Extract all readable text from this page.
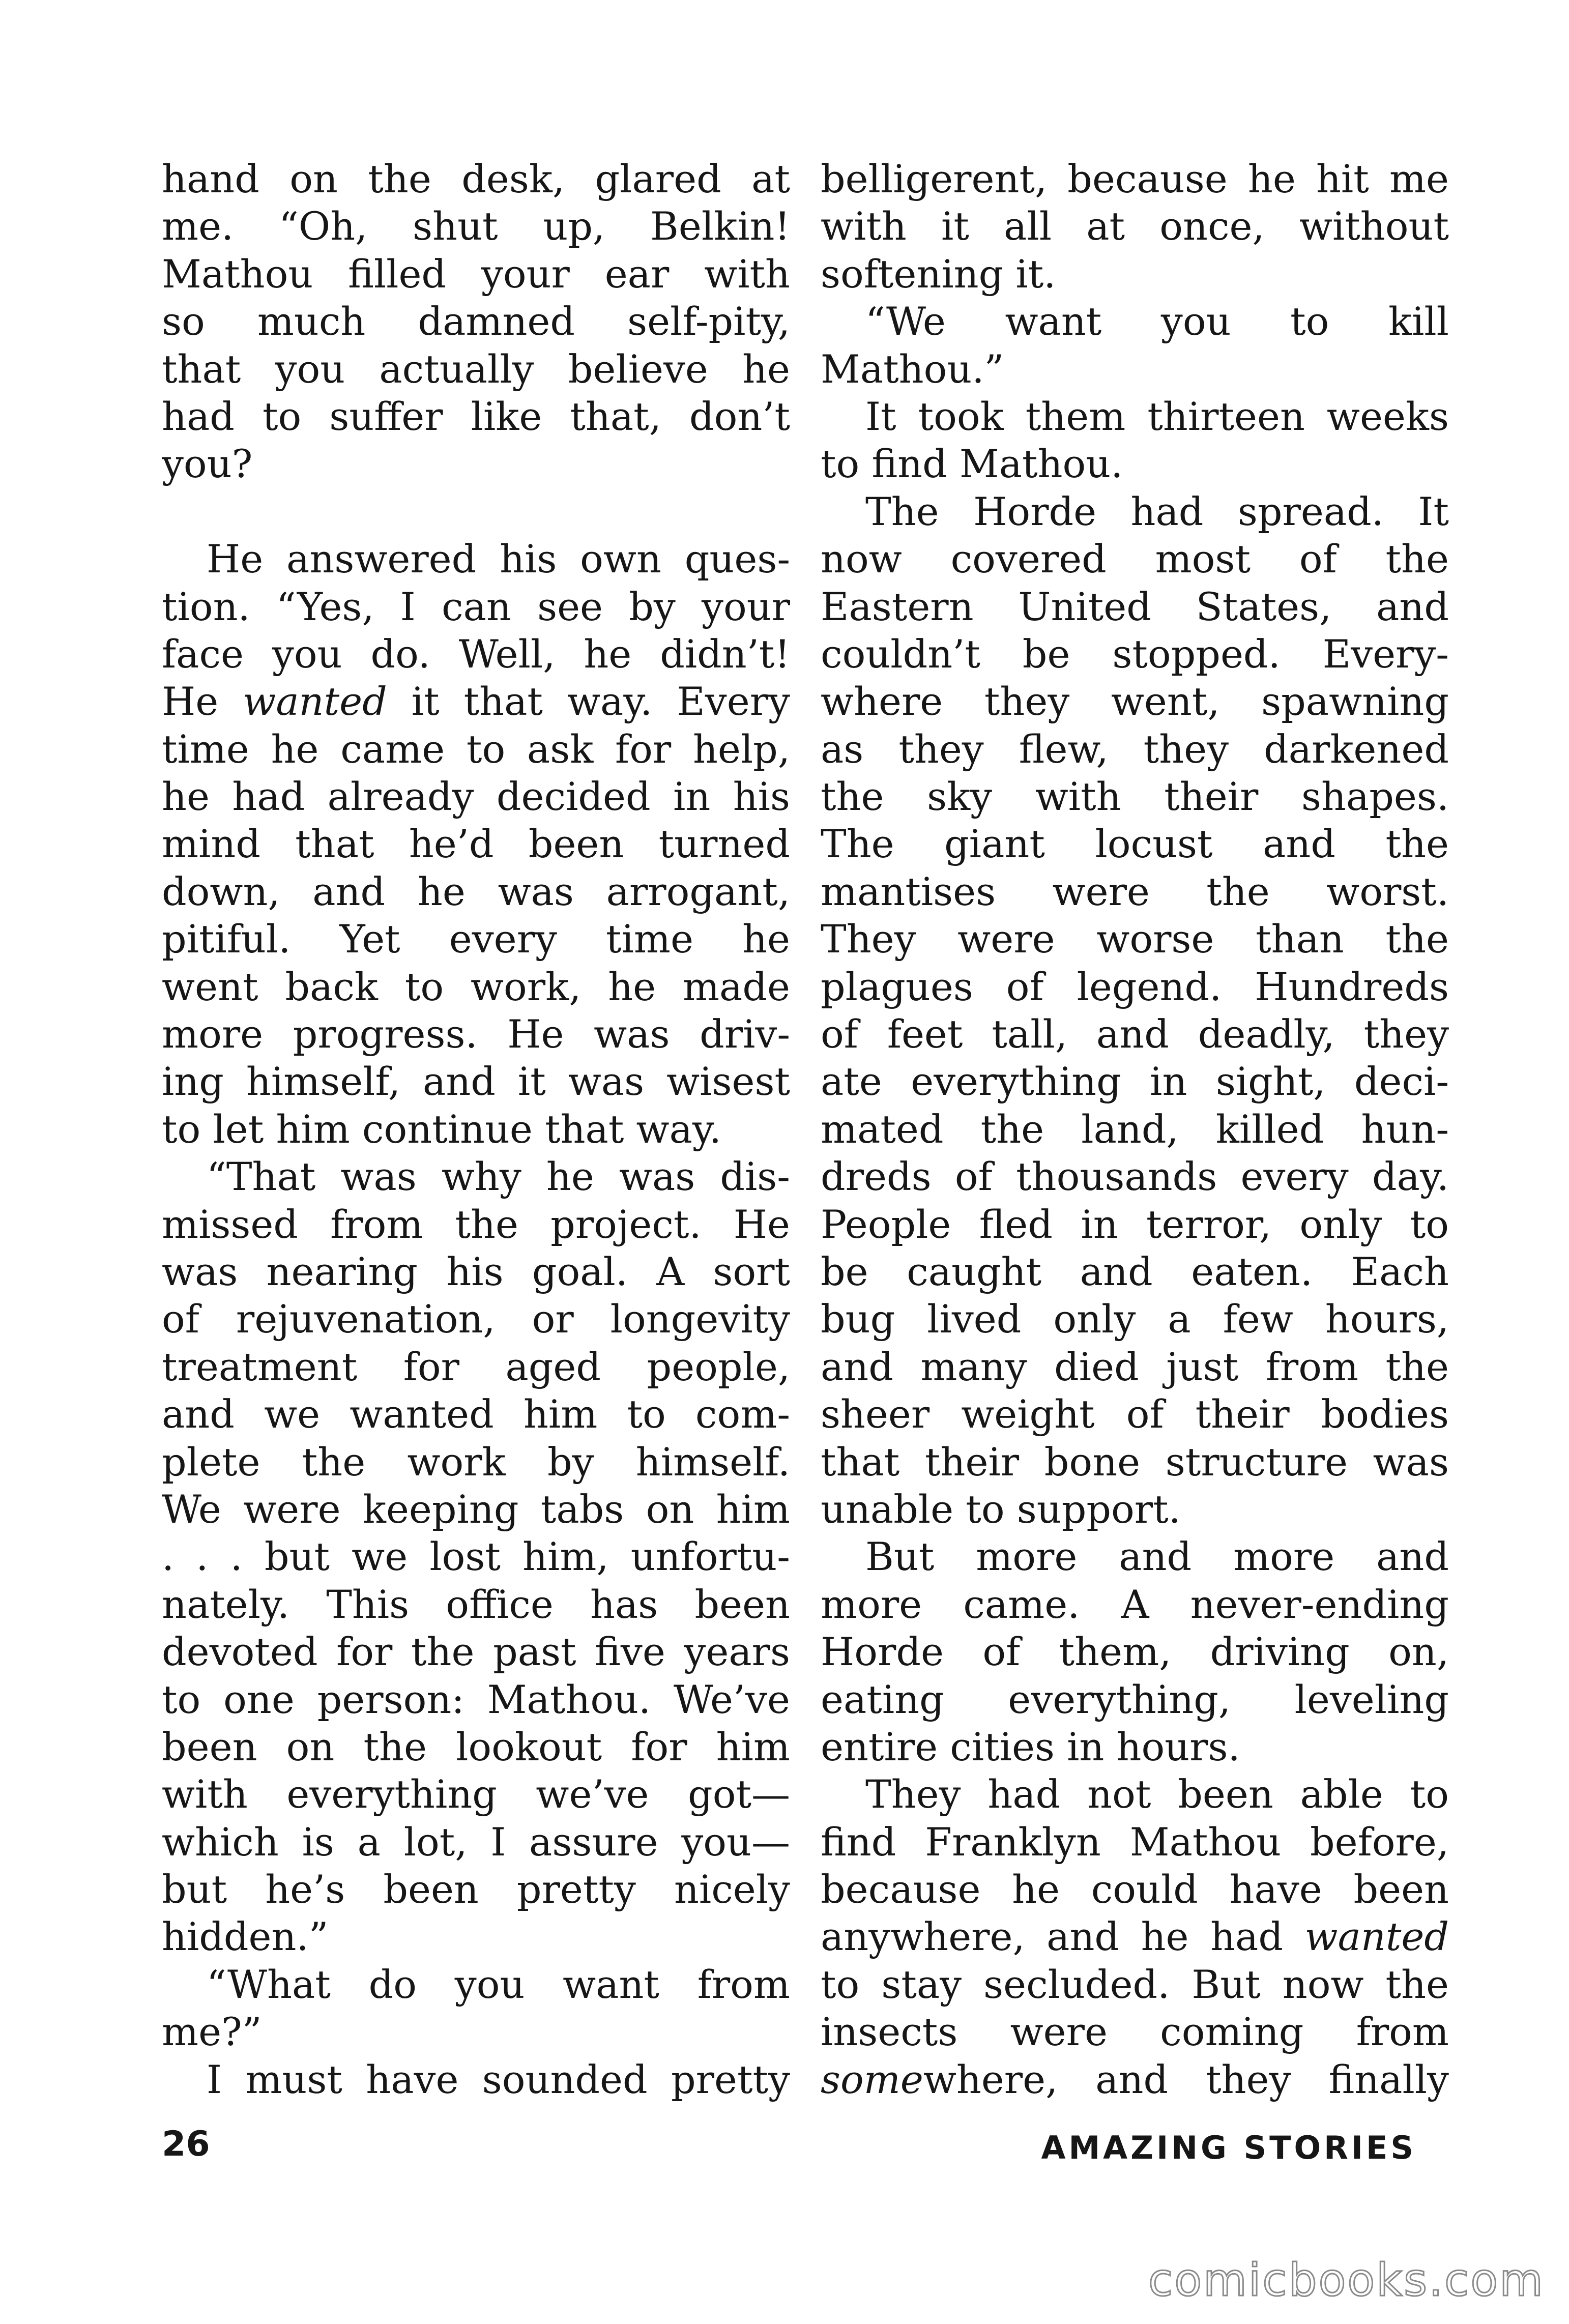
hand on the desk, glared at
me. “Oh, shut up, Belkin!
Mathou filled your ear with
so much damned self-pity,
that you actually believe he
had to suffer like that, don’t
you?
He answered his own ques-
tion. “Yes, I can see by your
face you do. Well, he didn’t!
He wanted it that way. Every
time he came to ask for help,
he had already decided in his
mind that he’d been turned
down, and he was arrogant,
pitiful. Yet every time he
went back to work, he made
more progress. He was driv-
ing himself, and it was wisest
to let him continue that way.
“That was why he was dis-
missed from the project. He
was nearing his goal. A sort
of rejuvenation, or longevity
treatment for aged people,
and we wanted him to com-
plete the work by himself.
We were keeping tabs on him
. . . but we lost him, unfortu-
nately. This office has been
devoted for the past five years
to one person: Mathou. We’ve
been on the lookout for him
with everything we’ve got—
which is a lot, I assure you—
but he’s been pretty nicely
hidden.”
“What do you want from
me?”
I must have sounded pretty
belligerent, because he hit me
with it all at once, without
softening it.
“We want you to kill
Mathou.”
It took them thirteen weeks
to find Mathou.
The Horde had spread. It
now covered most of the
Eastern United States, and
couldn’t be stopped. Every-
where they went, spawning
as they flew, they darkened
the sky with their shapes.
The giant locust and the
mantises were the worst.
They were worse than the
plagues of legend. Hundreds
of feet tall, and deadly, they
ate everything in sight, deci-
mated the land, killed hun-
dreds of thousands every day.
People fled in terror, only to
be caught and eaten. Each
bug lived only a few hours,
and many died just from the
sheer weight of their bodies
that their bone structure was
unable to support.
But more and more and
more came. A never-ending
Horde of them, driving on,
eating everything, leveling
entire cities in hours.
They had not been able to
find Franklyn Mathou before,
because he could have been
anywhere, and he had wanted
to stay secluded. But now the
insects were coming from
somewhere, and they finally
26	AMAZING STORIES
comicbooks.com
